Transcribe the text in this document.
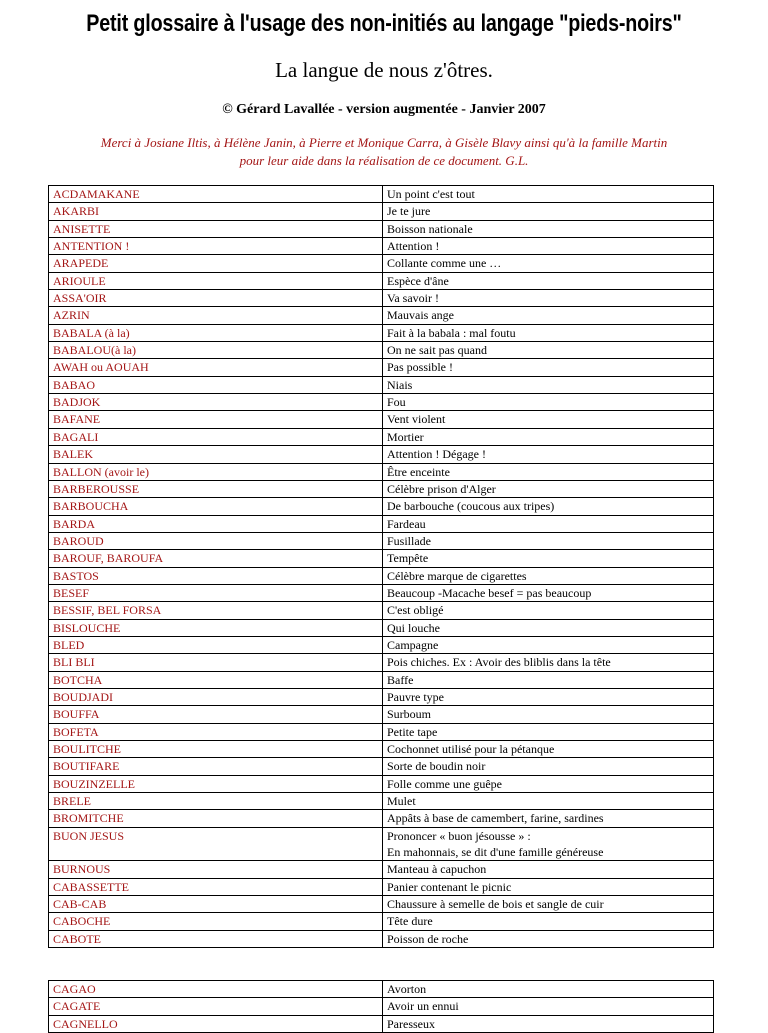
Petit glossaire à l'usage des non-initiés au langage "pieds-noirs"
La langue de nous z'ôtres.
© Gérard Lavallée - version augmentée - Janvier 2007
Merci à Josiane Iltis, à Hélène Janin, à Pierre et Monique Carra, à Gisèle Blavy ainsi qu'à la famille Martin
pour leur aide dans la réalisation de ce document. G.L.
ACDAMAKANE	Un point c'est tout

AKARBI	Je te jure

ANISETTE	Boisson nationale

ANTENTION !	Attention !

ARAPEDE	Collante comme une …

ARIOULE	Espèce d'âne

ASSA'OIR	Va savoir !

AZRIN	Mauvais ange

BABALA (à la)	Fait à la babala : mal foutu

BABALOU(à la)	On ne sait pas quand

AWAH ou AOUAH	Pas possible !

BABAO	Niais

BADJOK	Fou

BAFANE	Vent violent

BAGALI	Mortier

BALEK	Attention ! Dégage !

BALLON (avoir le)	Être enceinte

BARBEROUSSE	Célèbre prison d'Alger

BARBOUCHA	De barbouche (coucous aux tripes)

BARDA	Fardeau

BAROUD	Fusillade

BAROUF, BAROUFA	Tempête

BASTOS	Célèbre marque de cigarettes

BESEF	Beaucoup -Macache besef = pas beaucoup

BESSIF, BEL FORSA	C'est obligé

BISLOUCHE	Qui louche

BLED	Campagne

BLI BLI	Pois chiches. Ex : Avoir des bliblis dans la tête

BOTCHA	Baffe

BOUDJADI	Pauvre type

BOUFFA	Surboum

BOFETA	Petite tape

BOULITCHE	Cochonnet utilisé pour la pétanque

BOUTIFARE	Sorte de boudin noir

BOUZINZELLE	Folle comme une guêpe

BRELE	Mulet

BROMITCHE	Appâts à base de camembert, farine, sardines

BUON JESUS	Prononcer « buon jésousse » :
En mahonnais, se dit d'une famille généreuse

BURNOUS	Manteau à capuchon

CABASSETTE	Panier contenant le picnic

CAB-CAB	Chaussure à semelle de bois et sangle de cuir

CABOCHE	Tête dure

CABOTE	Poisson de roche
CAGAO	Avorton

CAGATE	Avoir un ennui

CAGNELLO	Paresseux
